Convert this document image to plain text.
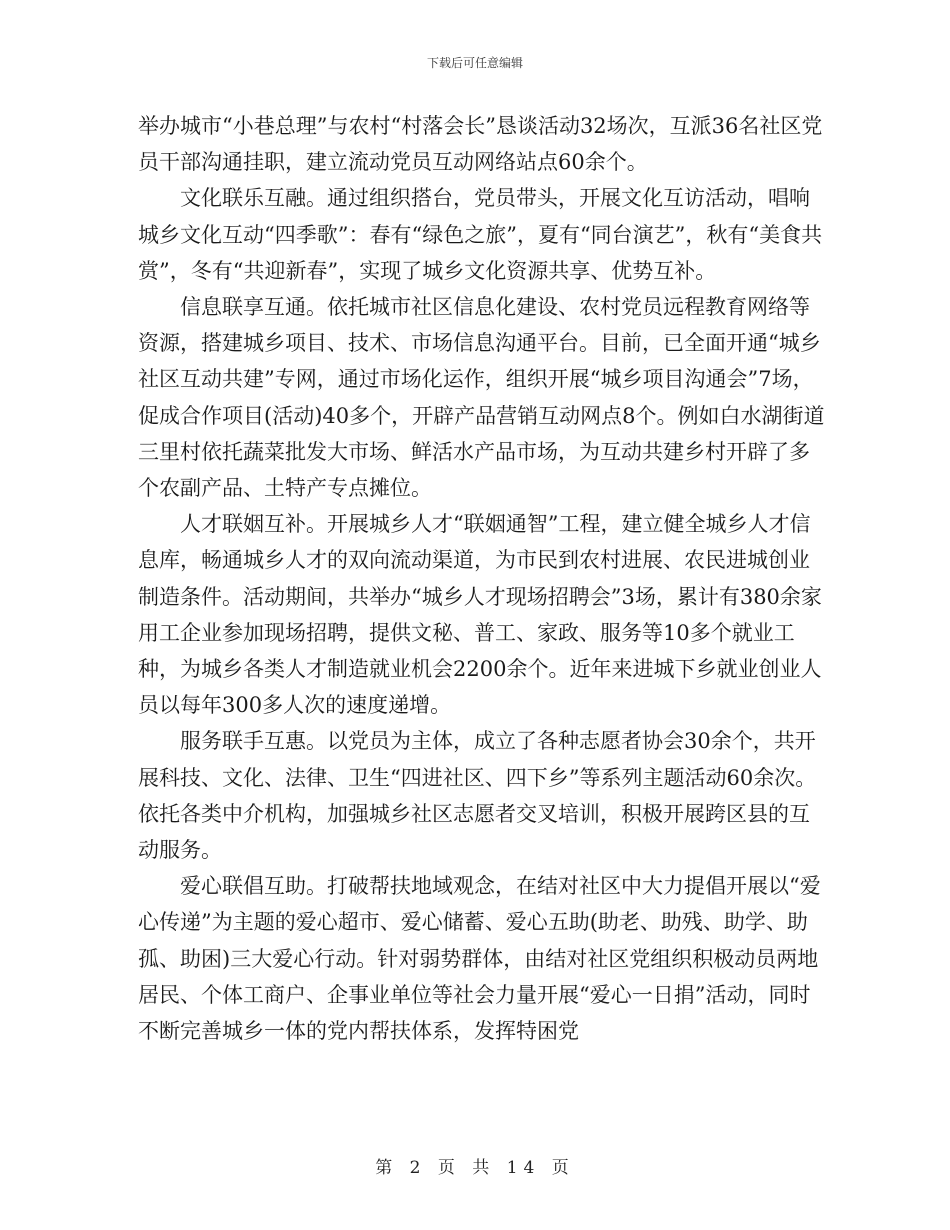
下载后可任意编辑

举办城市“小巷总理”与农村“村落会长”恳谈活动32场次，互派36名社区党员干部沟通挂职，建立流动党员互动网络站点60余个。

文化联乐互融。通过组织搭台，党员带头，开展文化互访活动，唱响城乡文化互动“四季歌”：春有“绿色之旅”，夏有“同台演艺”，秋有“美食共赏”，冬有“共迎新春”，实现了城乡文化资源共享、优势互补。

信息联享互通。依托城市社区信息化建设、农村党员远程教育网络等资源，搭建城乡项目、技术、市场信息沟通平台。目前，已全面开通“城乡社区互动共建”专网，通过市场化运作，组织开展“城乡项目沟通会”7场，促成合作项目(活动)40多个，开辟产品营销互动网点8个。例如白水湖街道三里村依托蔬菜批发大市场、鲜活水产品市场，为互动共建乡村开辟了多个农副产品、土特产专点摊位。

人才联姻互补。开展城乡人才“联姻通智”工程，建立健全城乡人才信息库，畅通城乡人才的双向流动渠道，为市民到农村进展、农民进城创业制造条件。活动期间，共举办“城乡人才现场招聘会”3场，累计有380余家用工企业参加现场招聘，提供文秘、普工、家政、服务等10多个就业工种，为城乡各类人才制造就业机会2200余个。近年来进城下乡就业创业人员以每年300多人次的速度递增。

服务联手互惠。以党员为主体，成立了各种志愿者协会30余个，共开展科技、文化、法律、卫生“四进社区、四下乡”等系列主题活动60余次。依托各类中介机构，加强城乡社区志愿者交叉培训，积极开展跨区县的互动服务。

爱心联倡互助。打破帮扶地域观念，在结对社区中大力提倡开展以“爱心传递”为主题的爱心超市、爱心储蓄、爱心五助(助老、助残、助学、助孤、助困)三大爱心行动。针对弱势群体，由结对社区党组织积极动员两地居民、个体工商户、企事业单位等社会力量开展“爱心一日捐”活动，同时不断完善城乡一体的党内帮扶体系，发挥特困党

第 2 页 共 14 页
